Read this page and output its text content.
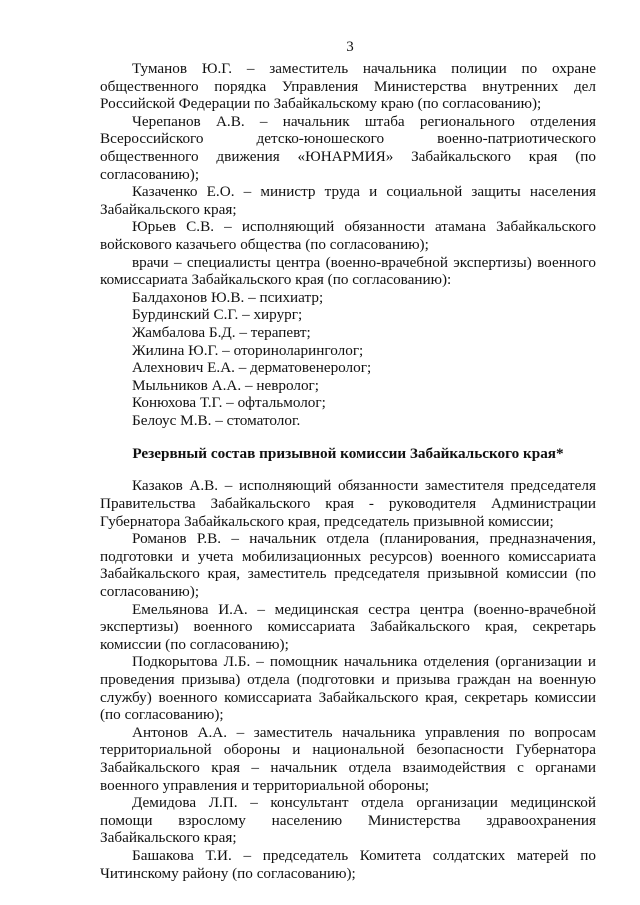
3

Туманов Ю.Г. – заместитель начальника полиции по охране общественного порядка Управления Министерства внутренних дел Российской Федерации по Забайкальскому краю (по согласованию);

Черепанов А.В. – начальник штаба регионального отделения Всероссийского детско-юношеского военно-патриотического общественного движения «ЮНАРМИЯ» Забайкальского края (по согласованию);

Казаченко Е.О. – министр труда и социальной защиты населения Забайкальского края;

Юрьев С.В. – исполняющий обязанности атамана Забайкальского войскового казачьего общества (по согласованию);

врачи – специалисты центра (военно-врачебной экспертизы) военного комиссариата Забайкальского края (по согласованию):

Балдахонов Ю.В. – психиатр;

Бурдинский С.Г. – хирург;

Жамбалова Б.Д. – терапевт;

Жилина Ю.Г. – оториноларинголог;

Алехнович Е.А. – дерматовенеролог;

Мыльников А.А. – невролог;

Конюхова Т.Г. – офтальмолог;

Белоус М.В. – стоматолог.

Резервный состав призывной комиссии Забайкальского края*

Казаков А.В. – исполняющий обязанности заместителя председателя Правительства Забайкальского края - руководителя Администрации Губернатора Забайкальского края, председатель призывной комиссии;

Романов Р.В. – начальник отдела (планирования, предназначения, подготовки и учета мобилизационных ресурсов) военного комиссариата Забайкальского края, заместитель председателя призывной комиссии (по согласованию);

Емельянова И.А. – медицинская сестра центра (военно-врачебной экспертизы) военного комиссариата Забайкальского края, секретарь комиссии (по согласованию);

Подкорытова Л.Б. – помощник начальника отделения (организации и проведения призыва) отдела (подготовки и призыва граждан на военную службу) военного комиссариата Забайкальского края, секретарь комиссии (по согласованию);

Антонов А.А. – заместитель начальника управления по вопросам территориальной обороны и национальной безопасности Губернатора Забайкальского края – начальник отдела взаимодействия с органами военного управления и территориальной обороны;

Демидова Л.П. – консультант отдела организации медицинской помощи взрослому населению Министерства здравоохранения Забайкальского края;

Башакова Т.И. – председатель Комитета солдатских матерей по Читинскому району (по согласованию);
